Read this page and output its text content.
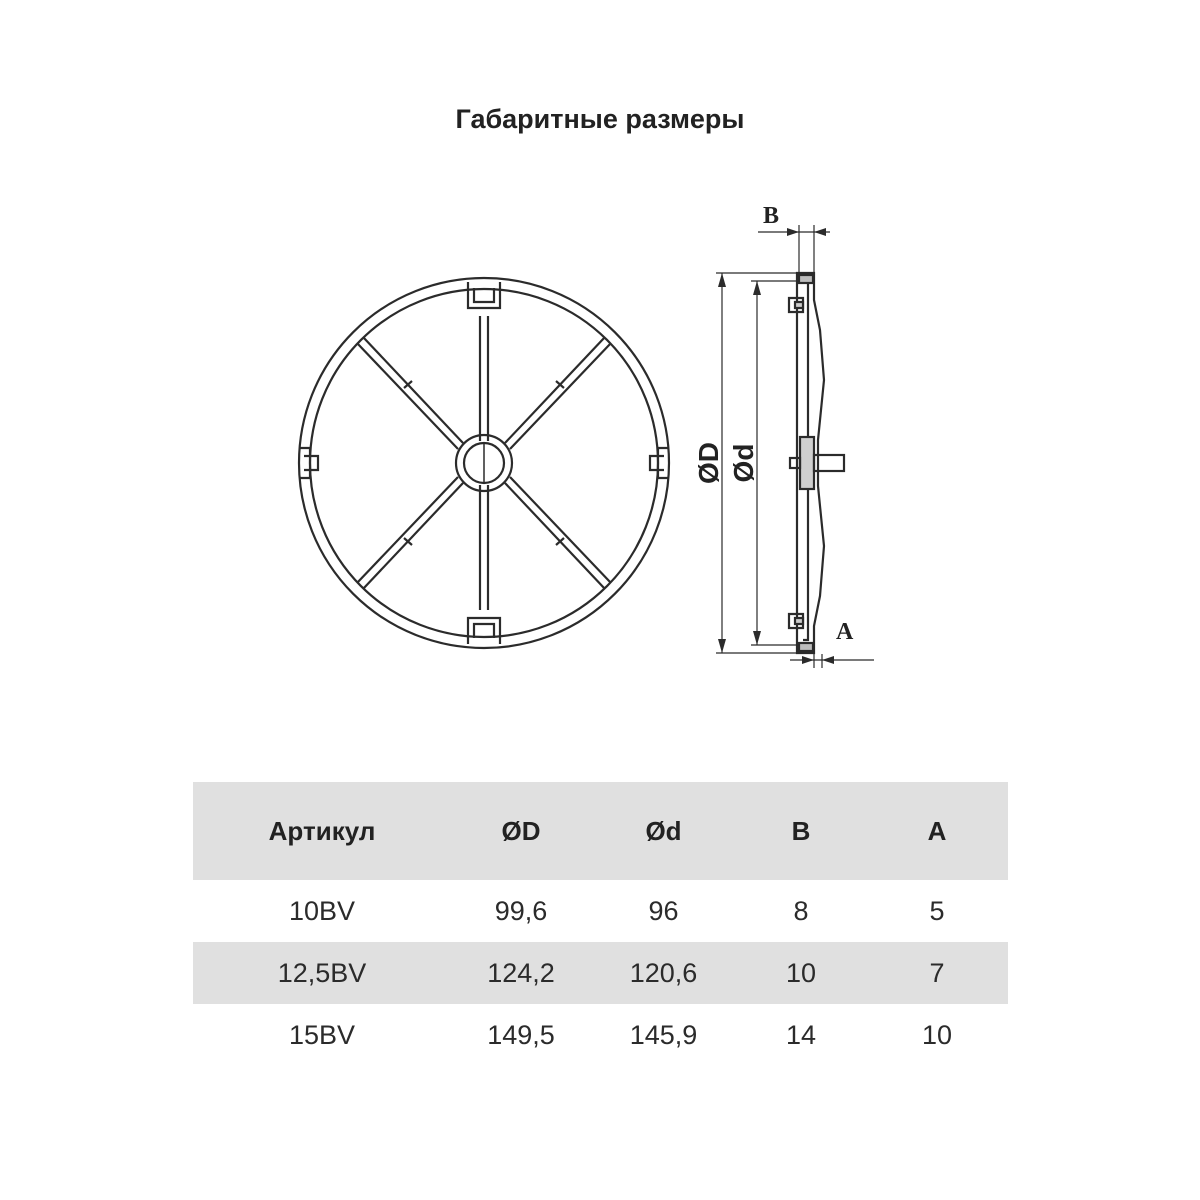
Габаритные размеры
B
A
ØD Ød
Артикул	ØD	Ød	B	A
10BV	99,6	96	8	5
12,5BV	124,2	120,6	10	7
15BV	149,5	145,9	14	10
